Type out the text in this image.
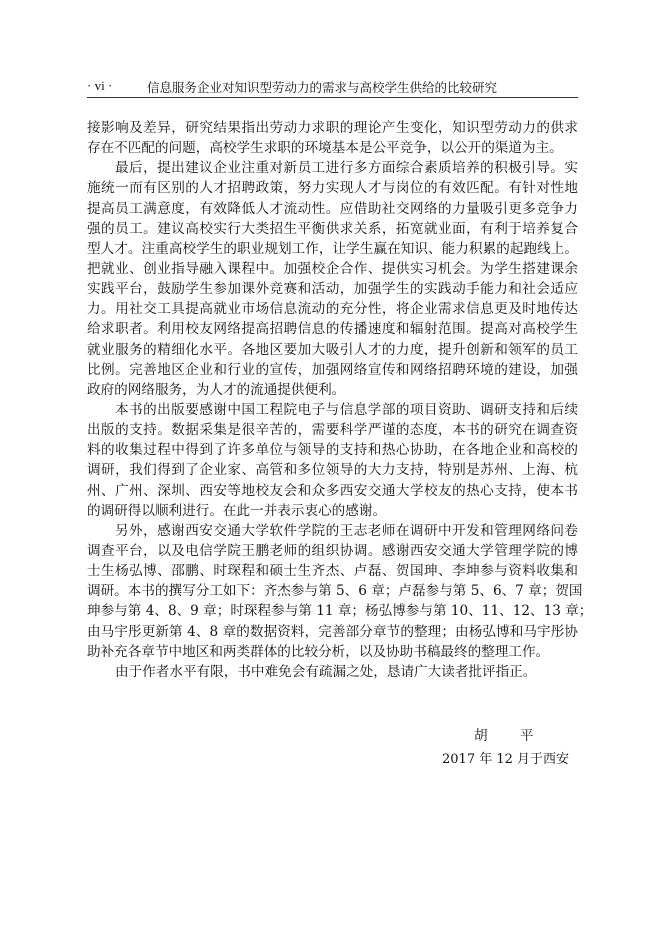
· vi ·	信息服务企业对知识型劳动力的需求与高校学生供给的比较研究
接影响及差异，研究结果指出劳动力求职的理论产生变化，知识型劳动力的供求
存在不匹配的问题，高校学生求职的环境基本是公平竞争，以公开的渠道为主。
最后，提出建议企业注重对新员工进行多方面综合素质培养的积极引导。实
施统一而有区别的人才招聘政策，努力实现人才与岗位的有效匹配。有针对性地
提高员工满意度，有效降低人才流动性。应借助社交网络的力量吸引更多竞争力
强的员工。建议高校实行大类招生平衡供求关系，拓宽就业面，有利于培养复合
型人才。注重高校学生的职业规划工作，让学生赢在知识、能力积累的起跑线上。
把就业、创业指导融入课程中。加强校企合作、提供实习机会。为学生搭建课余
实践平台，鼓励学生参加课外竞赛和活动，加强学生的实践动手能力和社会适应
力。用社交工具提高就业市场信息流动的充分性，将企业需求信息更及时地传达
给求职者。利用校友网络提高招聘信息的传播速度和辐射范围。提高对高校学生
就业服务的精细化水平。各地区要加大吸引人才的力度，提升创新和领军的员工
比例。完善地区企业和行业的宣传，加强网络宣传和网络招聘环境的建设，加强
政府的网络服务，为人才的流通提供便利。
本书的出版要感谢中国工程院电子与信息学部的项目资助、调研支持和后续
出版的支持。数据采集是很辛苦的，需要科学严谨的态度，本书的研究在调查资
料的收集过程中得到了许多单位与领导的支持和热心协助，在各地企业和高校的
调研，我们得到了企业家、高管和多位领导的大力支持，特别是苏州、上海、杭
州、广州、深圳、西安等地校友会和众多西安交通大学校友的热心支持，使本书
的调研得以顺利进行。在此一并表示衷心的感谢。
另外，感谢西安交通大学软件学院的王志老师在调研中开发和管理网络问卷
调查平台，以及电信学院王鹏老师的组织协调。感谢西安交通大学管理学院的博
士生杨弘博、邵鹏、时琛程和硕士生齐杰、卢磊、贺国珅、李坤参与资料收集和
调研。本书的撰写分工如下：齐杰参与第 5、6 章；卢磊参与第 5、6、7 章；贺国
珅参与第 4、8、9 章；时琛程参与第 11 章；杨弘博参与第 10、11、12、13 章；
由马宇彤更新第 4、8 章的数据资料，完善部分章节的整理；由杨弘博和马宇彤协
助补充各章节中地区和两类群体的比较分析，以及协助书稿最终的整理工作。
由于作者水平有限，书中难免会有疏漏之处，恳请广大读者批评指正。
胡 平
2017 年 12 月于西安
